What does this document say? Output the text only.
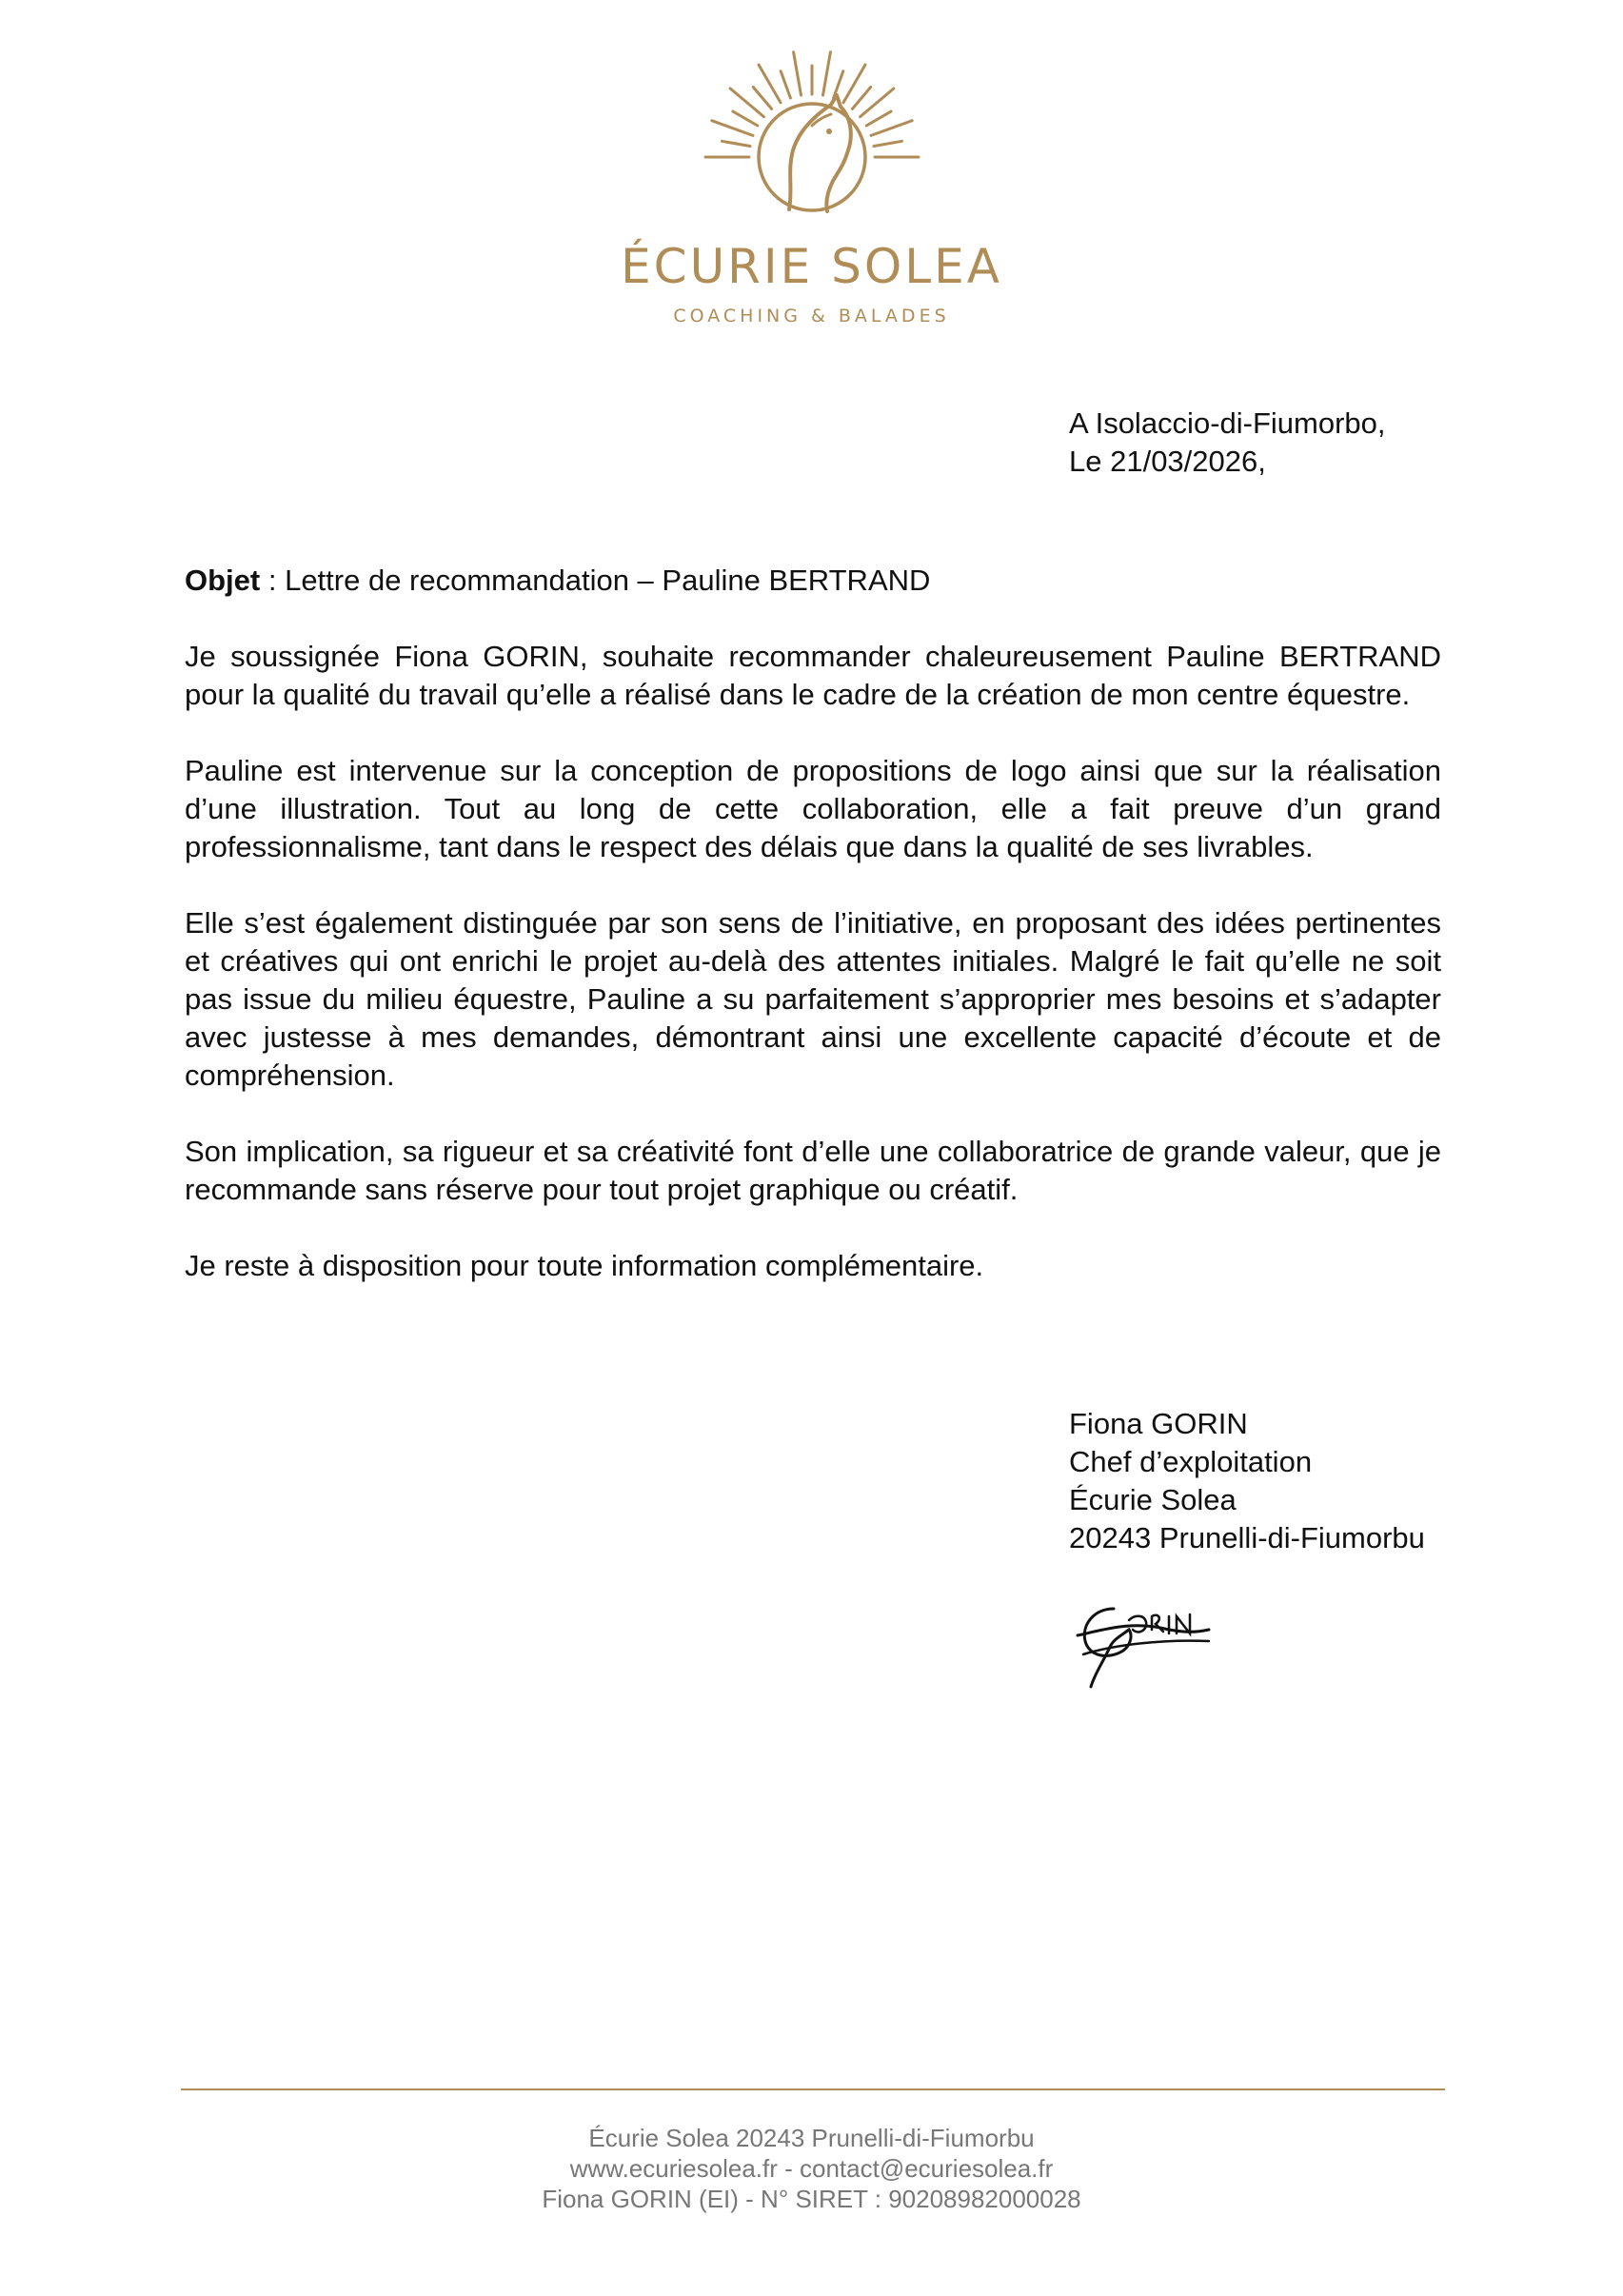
ÉCURIE SOLEA
COACHING & BALADES
A Isolaccio-di-Fiumorbo,
Le 21/03/2026,

Objet : Lettre de recommandation – Pauline BERTRAND

Je soussignée Fiona GORIN, souhaite recommander chaleureusement Pauline BERTRAND pour la qualité du travail qu’elle a réalisé dans le cadre de la création de mon centre équestre.

Pauline est intervenue sur la conception de propositions de logo ainsi que sur la réalisation d’une illustration. Tout au long de cette collaboration, elle a fait preuve d’un grand professionnalisme, tant dans le respect des délais que dans la qualité de ses livrables.

Elle s’est également distinguée par son sens de l’initiative, en proposant des idées pertinentes et créatives qui ont enrichi le projet au-delà des attentes initiales. Malgré le fait qu’elle ne soit pas issue du milieu équestre, Pauline a su parfaitement s’approprier mes besoins et s’adapter avec justesse à mes demandes, démontrant ainsi une excellente capacité d’écoute et de compréhension.

Son implication, sa rigueur et sa créativité font d’elle une collaboratrice de grande valeur, que je recommande sans réserve pour tout projet graphique ou créatif.

Je reste à disposition pour toute information complémentaire.

Fiona GORIN
Chef d’exploitation
Écurie Solea
20243 Prunelli-di-Fiumorbu
Écurie Solea 20243 Prunelli-di-Fiumorbu
www.ecuriesolea.fr - contact@ecuriesolea.fr
Fiona GORIN (EI) - N° SIRET : 90208982000028
